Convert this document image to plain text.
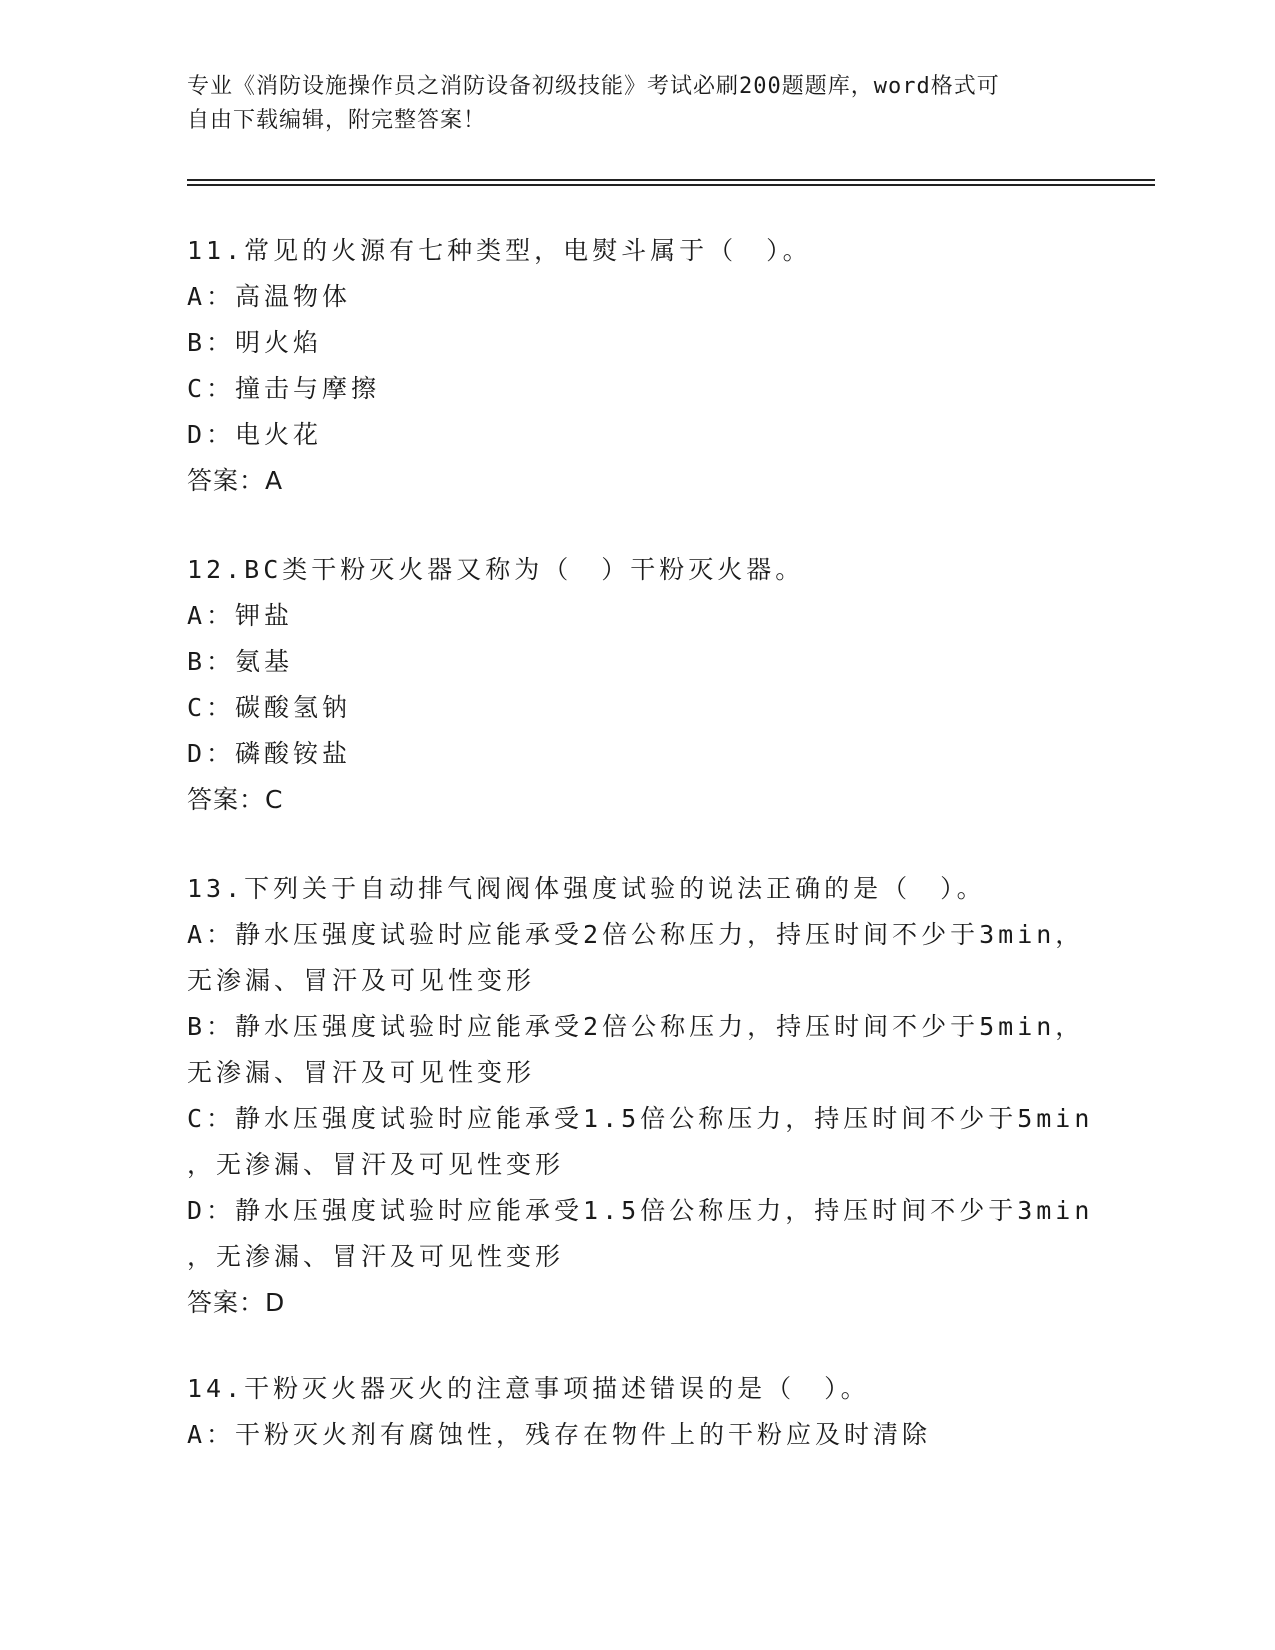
专业《消防设施操作员之消防设备初级技能》考试必刷200题题库，word格式可
自由下载编辑，附完整答案！
11.常见的火源有七种类型，电熨斗属于（　）。
A：高温物体
B：明火焰
C：撞击与摩擦
D：电火花
答案：A
12.BC类干粉灭火器又称为（　）干粉灭火器。
A：钾盐
B：氨基
C：碳酸氢钠
D：磷酸铵盐
答案：C
13.下列关于自动排气阀阀体强度试验的说法正确的是（　）。
A：静水压强度试验时应能承受2倍公称压力，持压时间不少于3min，
无渗漏、冒汗及可见性变形
B：静水压强度试验时应能承受2倍公称压力，持压时间不少于5min，
无渗漏、冒汗及可见性变形
C：静水压强度试验时应能承受1.5倍公称压力，持压时间不少于5min
，无渗漏、冒汗及可见性变形
D：静水压强度试验时应能承受1.5倍公称压力，持压时间不少于3min
，无渗漏、冒汗及可见性变形
答案：D
14.干粉灭火器灭火的注意事项描述错误的是（　）。
A：干粉灭火剂有腐蚀性，残存在物件上的干粉应及时清除
